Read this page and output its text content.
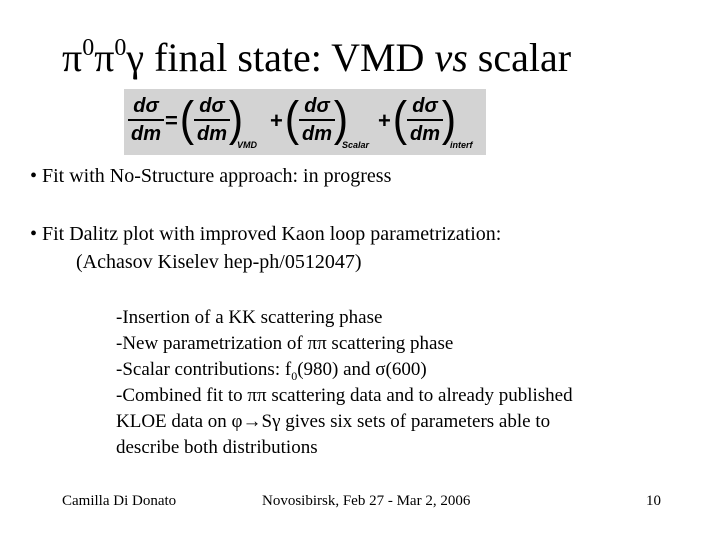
$\pi^0\pi^0\gamma$ final state: VMD vs scalar
dσ
dm
= ( dσ
dm )
VMD
+ ( dσ
dm )
Scalar
+ ( dσ
dm )
interf
• Fit with No-Structure approach: in progress
• Fit Dalitz plot with improved Kaon loop parametrization:
(Achasov Kiselev hep-ph/0512047)
-Insertion of a KK scattering phase
-New parametrization of ππ scattering phase
-Scalar contributions: $f_0(980)$ and σ(600)
-Combined fit to ππ scattering data and to already published
KLOE data on φ→Sγ gives six sets of parameters able to
describe both distributions
Camilla Di Donato	Novosibirsk, Feb 27 - Mar 2, 2006	10
